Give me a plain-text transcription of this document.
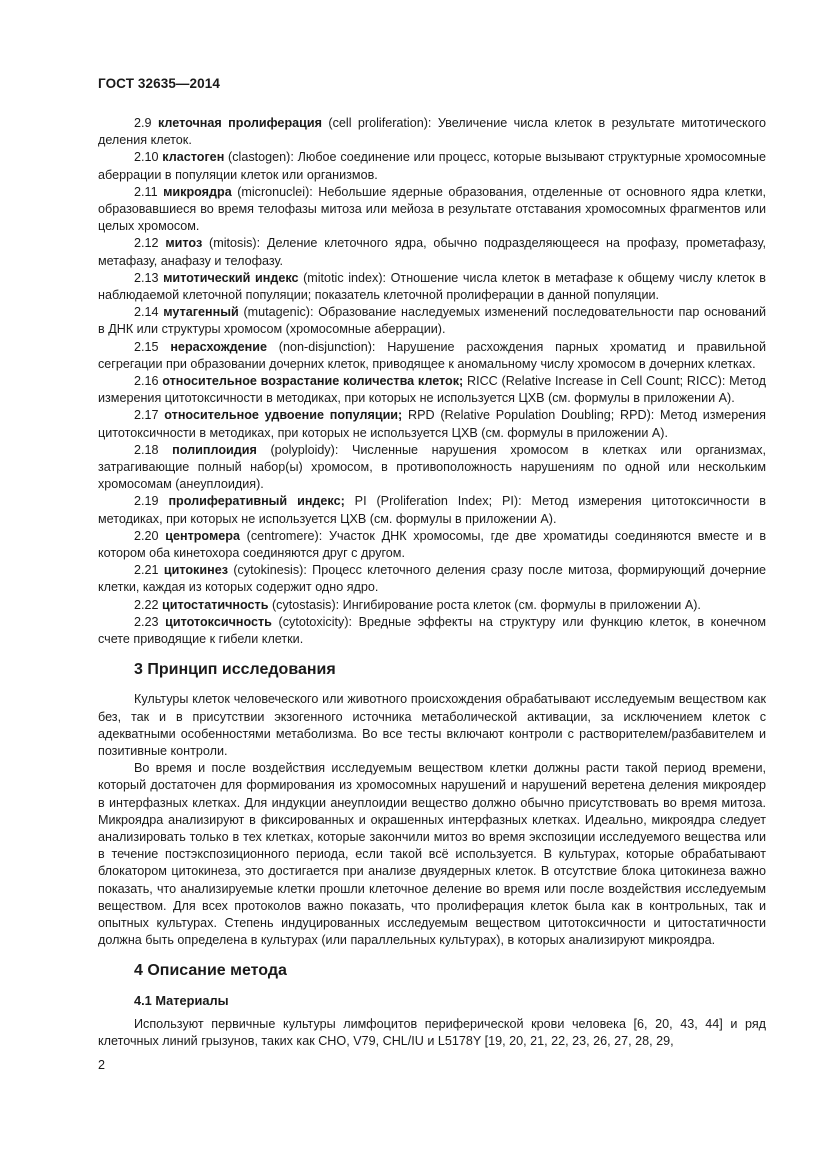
ГОСТ 32635—2014

2.9 клеточная пролиферация (cell proliferation): Увеличение числа клеток в результате митотического деления клеток.

2.10 кластоген (clastogen): Любое соединение или процесс, которые вызывают структурные хромосомные аберрации в популяции клеток или организмов.

2.11 микроядра (micronuclei): Небольшие ядерные образования, отделенные от основного ядра клетки, образовавшиеся во время телофазы митоза или мейоза в результате отставания хромосомных фрагментов или целых хромосом.

2.12 митоз (mitosis): Деление клеточного ядра, обычно подразделяющееся на профазу, прометафазу, метафазу, анафазу и телофазу.

2.13 митотический индекс (mitotic index): Отношение числа клеток в метафазе к общему числу клеток в наблюдаемой клеточной популяции; показатель клеточной пролиферации в данной популяции.

2.14 мутагенный (mutagenic): Образование наследуемых изменений последовательности пар оснований в ДНК или структуры хромосом (хромосомные аберрации).

2.15 нерасхождение (non-disjunction): Нарушение расхождения парных хроматид и правильной сегрегации при образовании дочерних клеток, приводящее к аномальному числу хромосом в дочерних клетках.

2.16 относительное возрастание количества клеток; RICC (Relative Increase in Cell Count; RICC): Метод измерения цитотоксичности в методиках, при которых не используется ЦХВ (см. формулы в приложении А).

2.17 относительное удвоение популяции; RPD (Relative Population Doubling; RPD): Метод измерения цитотоксичности в методиках, при которых не используется ЦХВ (см. формулы в приложении А).

2.18 полиплоидия (polyploidy): Численные нарушения хромосом в клетках или организмах, затрагивающие полный набор(ы) хромосом, в противоположность нарушениям по одной или нескольким хромосомам (анеуплоидия).

2.19 пролиферативный индекс; PI (Proliferation Index; PI): Метод измерения цитотоксичности в методиках, при которых не используется ЦХВ (см. формулы в приложении А).

2.20 центромера (centromere): Участок ДНК хромосомы, где две хроматиды соединяются вместе и в котором оба кинетохора соединяются друг с другом.

2.21 цитокинез (cytokinesis): Процесс клеточного деления сразу после митоза, формирующий дочерние клетки, каждая из которых содержит одно ядро.

2.22 цитостатичность (cytostasis): Ингибирование роста клеток (см. формулы в приложении А).

2.23 цитотоксичность (cytotoxicity): Вредные эффекты на структуру или функцию клеток, в конечном счете приводящие к гибели клетки.

3 Принцип исследования

Культуры клеток человеческого или животного происхождения обрабатывают исследуемым веществом как без, так и в присутствии экзогенного источника метаболической активации, за исключением клеток с адекватными особенностями метаболизма. Во все тесты включают контроли с растворителем/разбавителем и позитивные контроли.

Во время и после воздействия исследуемым веществом клетки должны расти такой период времени, который достаточен для формирования из хромосомных нарушений и нарушений веретена деления микроядер в интерфазных клетках. Для индукции анеуплоидии вещество должно обычно присутствовать во время митоза. Микроядра анализируют в фиксированных и окрашенных интерфазных клетках. Идеально, микроядра следует анализировать только в тех клетках, которые закончили митоз во время экспозиции исследуемого вещества или в течение постэкспозиционного периода, если такой всё используется. В культурах, которые обрабатывают блокатором цитокинеза, это достигается при анализе двуядерных клеток. В отсутствие блока цитокинеза важно показать, что анализируемые клетки прошли клеточное деление во время или после воздействия исследуемым веществом. Для всех протоколов важно показать, что пролиферация клеток была как в контрольных, так и опытных культурах. Степень индуцированных исследуемым веществом цитотоксичности и цитостатичности должна быть определена в культурах (или параллельных культурах), в которых анализируют микроядра.

4 Описание метода
4.1 Материалы

Используют первичные культуры лимфоцитов периферической крови человека [6, 20, 43, 44] и ряд клеточных линий грызунов, таких как CHO, V79, CHL/IU и L5178Y [19, 20, 21, 22, 23, 26, 27, 28, 29,

2
